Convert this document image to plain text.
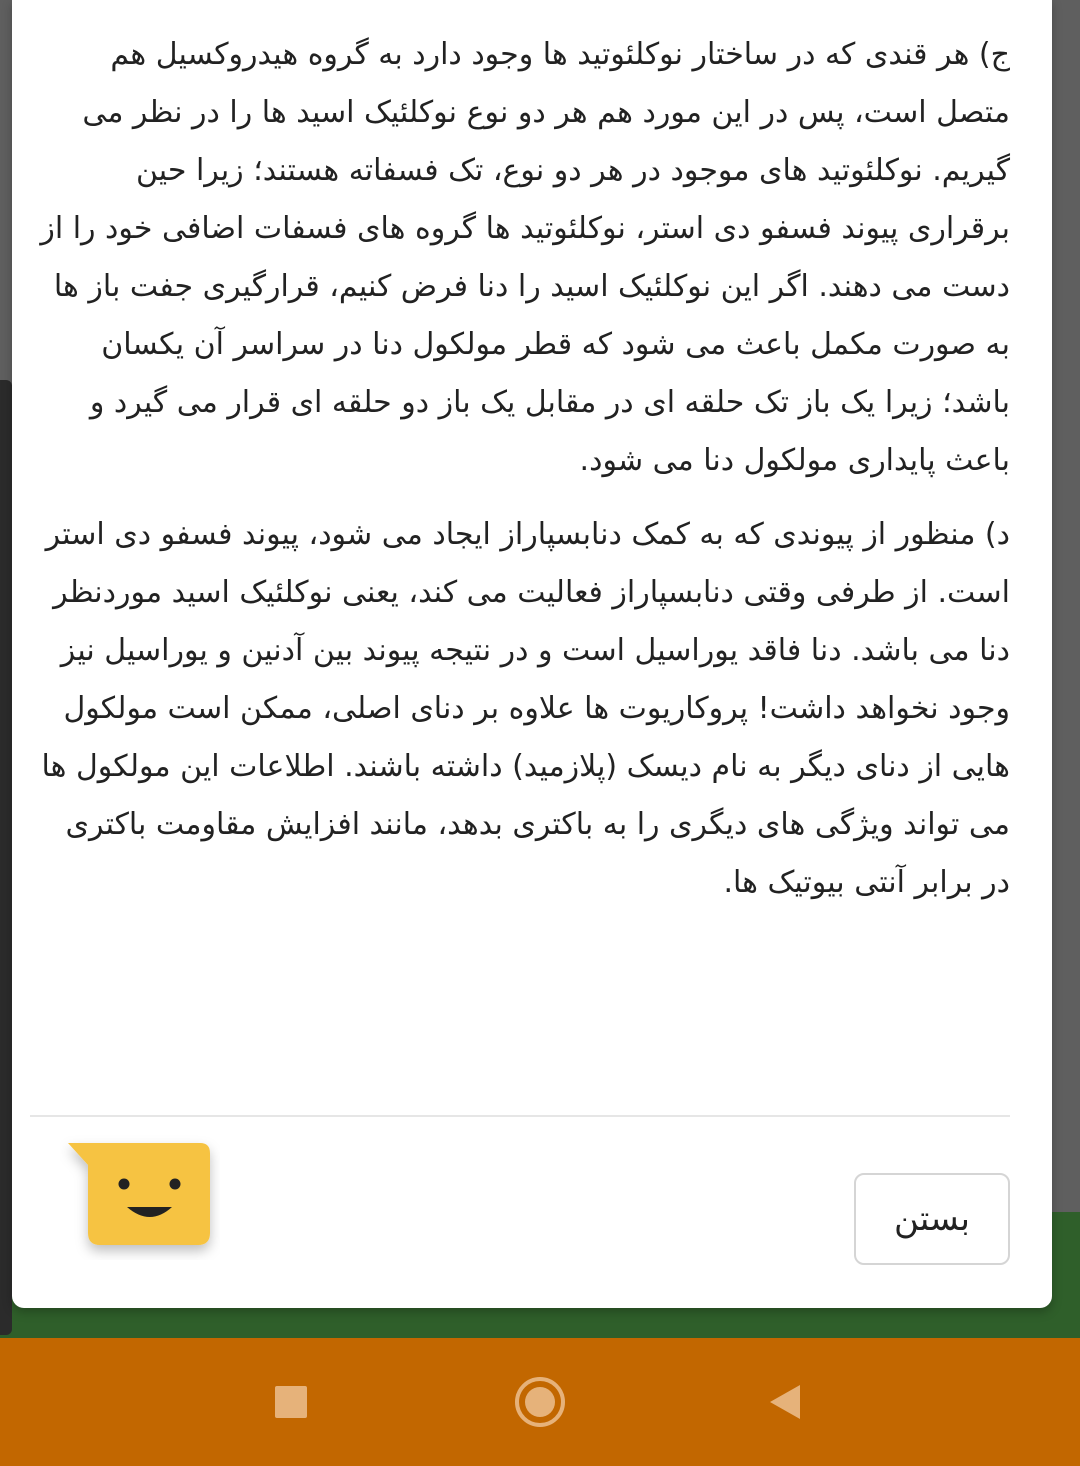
ج) هر قندی که در ساختار نوکلئوتید ها وجود دارد به گروه هیدروکسیل هم متصل است، پس در این مورد هم هر دو نوع نوکلئیک اسید ها را در نظر می گیریم. نوکلئوتید های موجود در هر دو نوع، تک فسفاته هستند؛ زیرا حین برقراری پیوند فسفو دی استر، نوکلئوتید ها گروه های فسفات اضافی خود را از دست می دهند. اگر این نوکلئیک اسید را دنا فرض کنیم، قرارگیری جفت باز ها به صورت مکمل باعث می شود که قطر مولکول دنا در سراسر آن یکسان باشد؛ زیرا یک باز تک حلقه ای در مقابل یک باز دو حلقه ای قرار می گیرد و باعث پایداری مولکول دنا می شود.

د) منظور از پیوندی که به کمک دنابسپاراز ایجاد می شود، پیوند فسفو دی استر است. از طرفی وقتی دنابسپاراز فعالیت می کند، یعنی نوکلئیک اسید موردنظر دنا می باشد. دنا فاقد یوراسیل است و در نتیجه پیوند بین آدنین و یوراسیل نیز وجود نخواهد داشت! پروکاریوت ها علاوه بر دنای اصلی، ممکن است مولکول هایی از دنای دیگر به نام دیسک (پلازمید) داشته باشند. اطلاعات این مولکول ها می تواند ویژگی های دیگری را به باکتری بدهد، مانند افزایش مقاومت باکتری در برابر آنتی بیوتیک ها.

بستن
